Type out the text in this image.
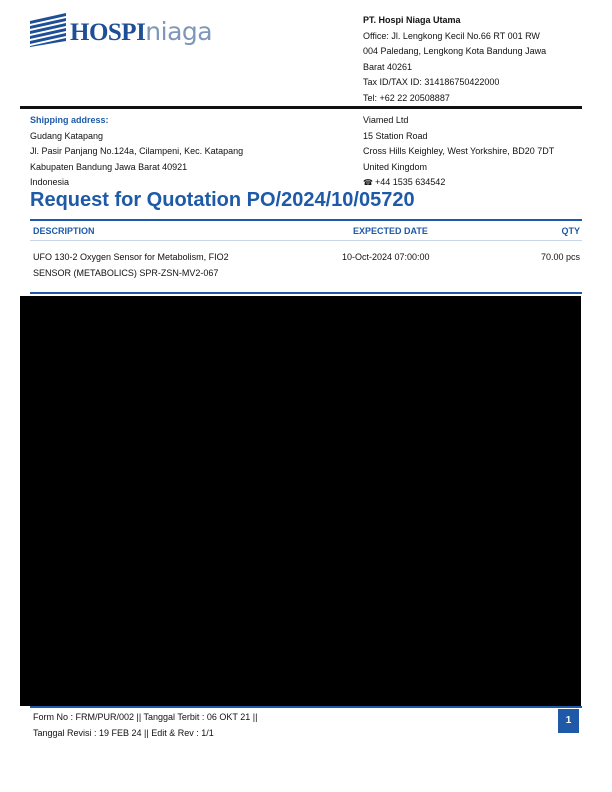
HOSPIniaga	PT. Hospi Niaga Utama
Office: Jl. Lengkong Kecil No.66 RT 001 RW
004 Paledang, Lengkong Kota Bandung Jawa
Barat 40261
Tax ID/TAX ID: 314186750422000
Tel: +62 22 20508887
Shipping address:
Gudang Katapang
Jl. Pasir Panjang No.124a, Cilampeni, Kec. Katapang
Kabupaten Bandung Jawa Barat 40921
Indonesia
Viamed Ltd
15 Station Road
Cross Hills Keighley, West Yorkshire, BD20 7DT
United Kingdom
☎ +44 1535 634542
Request for Quotation PO/2024/10/05720
DESCRIPTION	EXPECTED DATE	QTY
UFO 130-2 Oxygen Sensor for Metabolism, FIO2
SENSOR (METABOLICS) SPR-ZSN-MV2-067
10-Oct-2024 07:00:00	70.00 pcs
Form No : FRM/PUR/002 || Tanggal Terbit : 06 OKT 21 ||
Tanggal Revisi : 19 FEB 24 || Edit & Rev : 1/1
1
